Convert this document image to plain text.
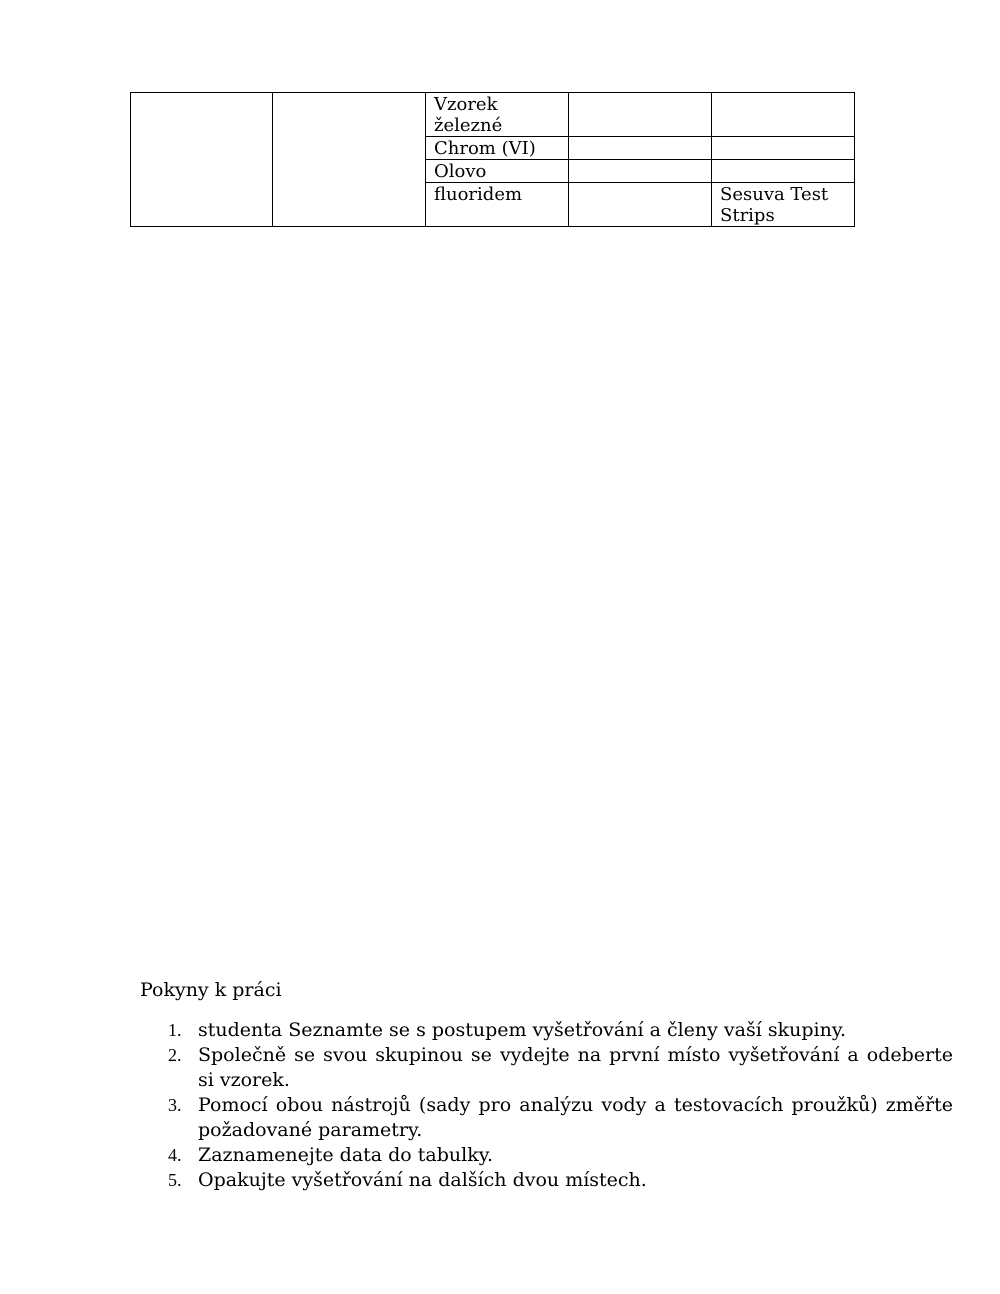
		Vzorek železné		
		Chrom (VI)		
		Olovo		
		fluoridem		Sesuva Test Strips

Pokyny k práci

1. studenta Seznamte se s postupem vyšetřování a členy vaší skupiny.
2. Společně se svou skupinou se vydejte na první místo vyšetřování a odeberte si vzorek.
3. Pomocí obou nástrojů (sady pro analýzu vody a testovacích proužků) změřte požadované parametry.
4. Zaznamenejte data do tabulky.
5. Opakujte vyšetřování na dalších dvou místech.
